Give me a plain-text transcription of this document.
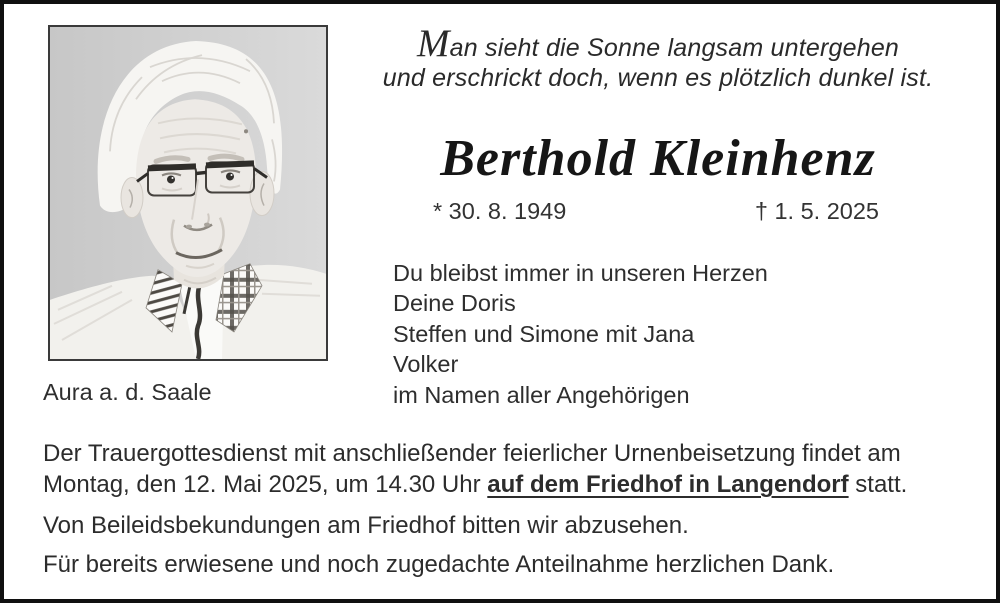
Man sieht die Sonne langsam untergehen
und erschrickt doch, wenn es plötzlich dunkel ist.
Berthold Kleinhenz
* 30. 8. 1949	† 1. 5. 2025
Du bleibst immer in unseren Herzen
Deine Doris
Steffen und Simone mit Jana
Volker
im Namen aller Angehörigen
Aura a. d. Saale
Der Trauergottesdienst mit anschließender feierlicher Urnenbeisetzung findet am
Montag, den 12. Mai 2025, um 14.30 Uhr auf dem Friedhof in Langendorf statt.
Von Beileidsbekundungen am Friedhof bitten wir abzusehen.
Für bereits erwiesene und noch zugedachte Anteilnahme herzlichen Dank.
